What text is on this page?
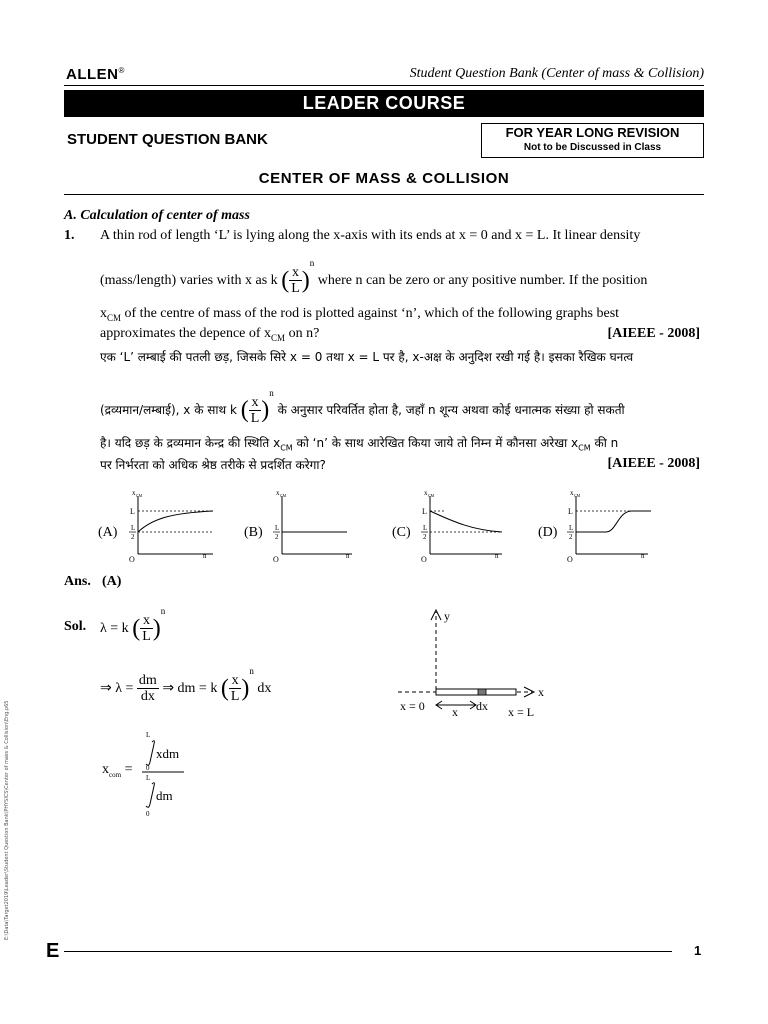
ALLEN®	Student Question Bank (Center of mass & Collision)
LEADER COURSE
STUDENT QUESTION BANK	FOR YEAR LONG REVISION
Not to be Discussed in Class
CENTER OF MASS & COLLISION
A. Calculation of center of mass
1. A thin rod of length ‘L’ is lying along the x-axis with its ends at x = 0 and x = L. It linear density
(mass/length) varies with x as k ( $\frac{x}{L} )^n$ where n can be zero or any positive number. If the position
$x_{CM}$ of the centre of mass of the rod is plotted against ‘n’, which of the following graphs best
approximates the depence of $x_{CM}$ on n?	[AIEEE - 2008]
एक ‘L’ लम्बाई की पतली छड़, जिसके सिरे x = 0 तथा x = L पर है, x-अक्ष के अनुदिश रखी गई है। इसका रैखिक घनत्व
(द्रव्यमान/लम्बाई), x के साथ k ( $\frac{x}{L} )^n$ के अनुसार परिवर्तित होता है, जहाँ n शून्य अथवा कोई धनात्मक संख्या हो सकती
है। यदि छड़ के द्रव्यमान केन्द्र की स्थिति $x_{CM}$ को ‘n’ के साथ आरेखित किया जाये तो निम्न में कौनसा अरेखा $x_{CM}$ की n
पर निर्भरता को अधिक श्रेष्ठ तरीके से प्रदर्शित करेगा?	[AIEEE - 2008]
(A)
x CM
L
L
2
O	n
(B)
x CM
L
2
O	n
(C)
x CM
L
L
2
O	n
(D)
x CM
L
L
2
O	n
Ans. (A)
Sol. λ = k ( $\frac{x}{L} )^n$
⇒ $\lambda = \frac{dm}{dx}$ ⇒ dm = k ( $\frac{x}{L} )^n$ dx
$x_{com}$ =
L
xdm
0
L
dm
0
y
x
x = 0 x dx x = L
E:\Data\Target2019\Leader\Student Question Bank\PHYSICS\Center of mass & Collision\Eng.p65
E	1
